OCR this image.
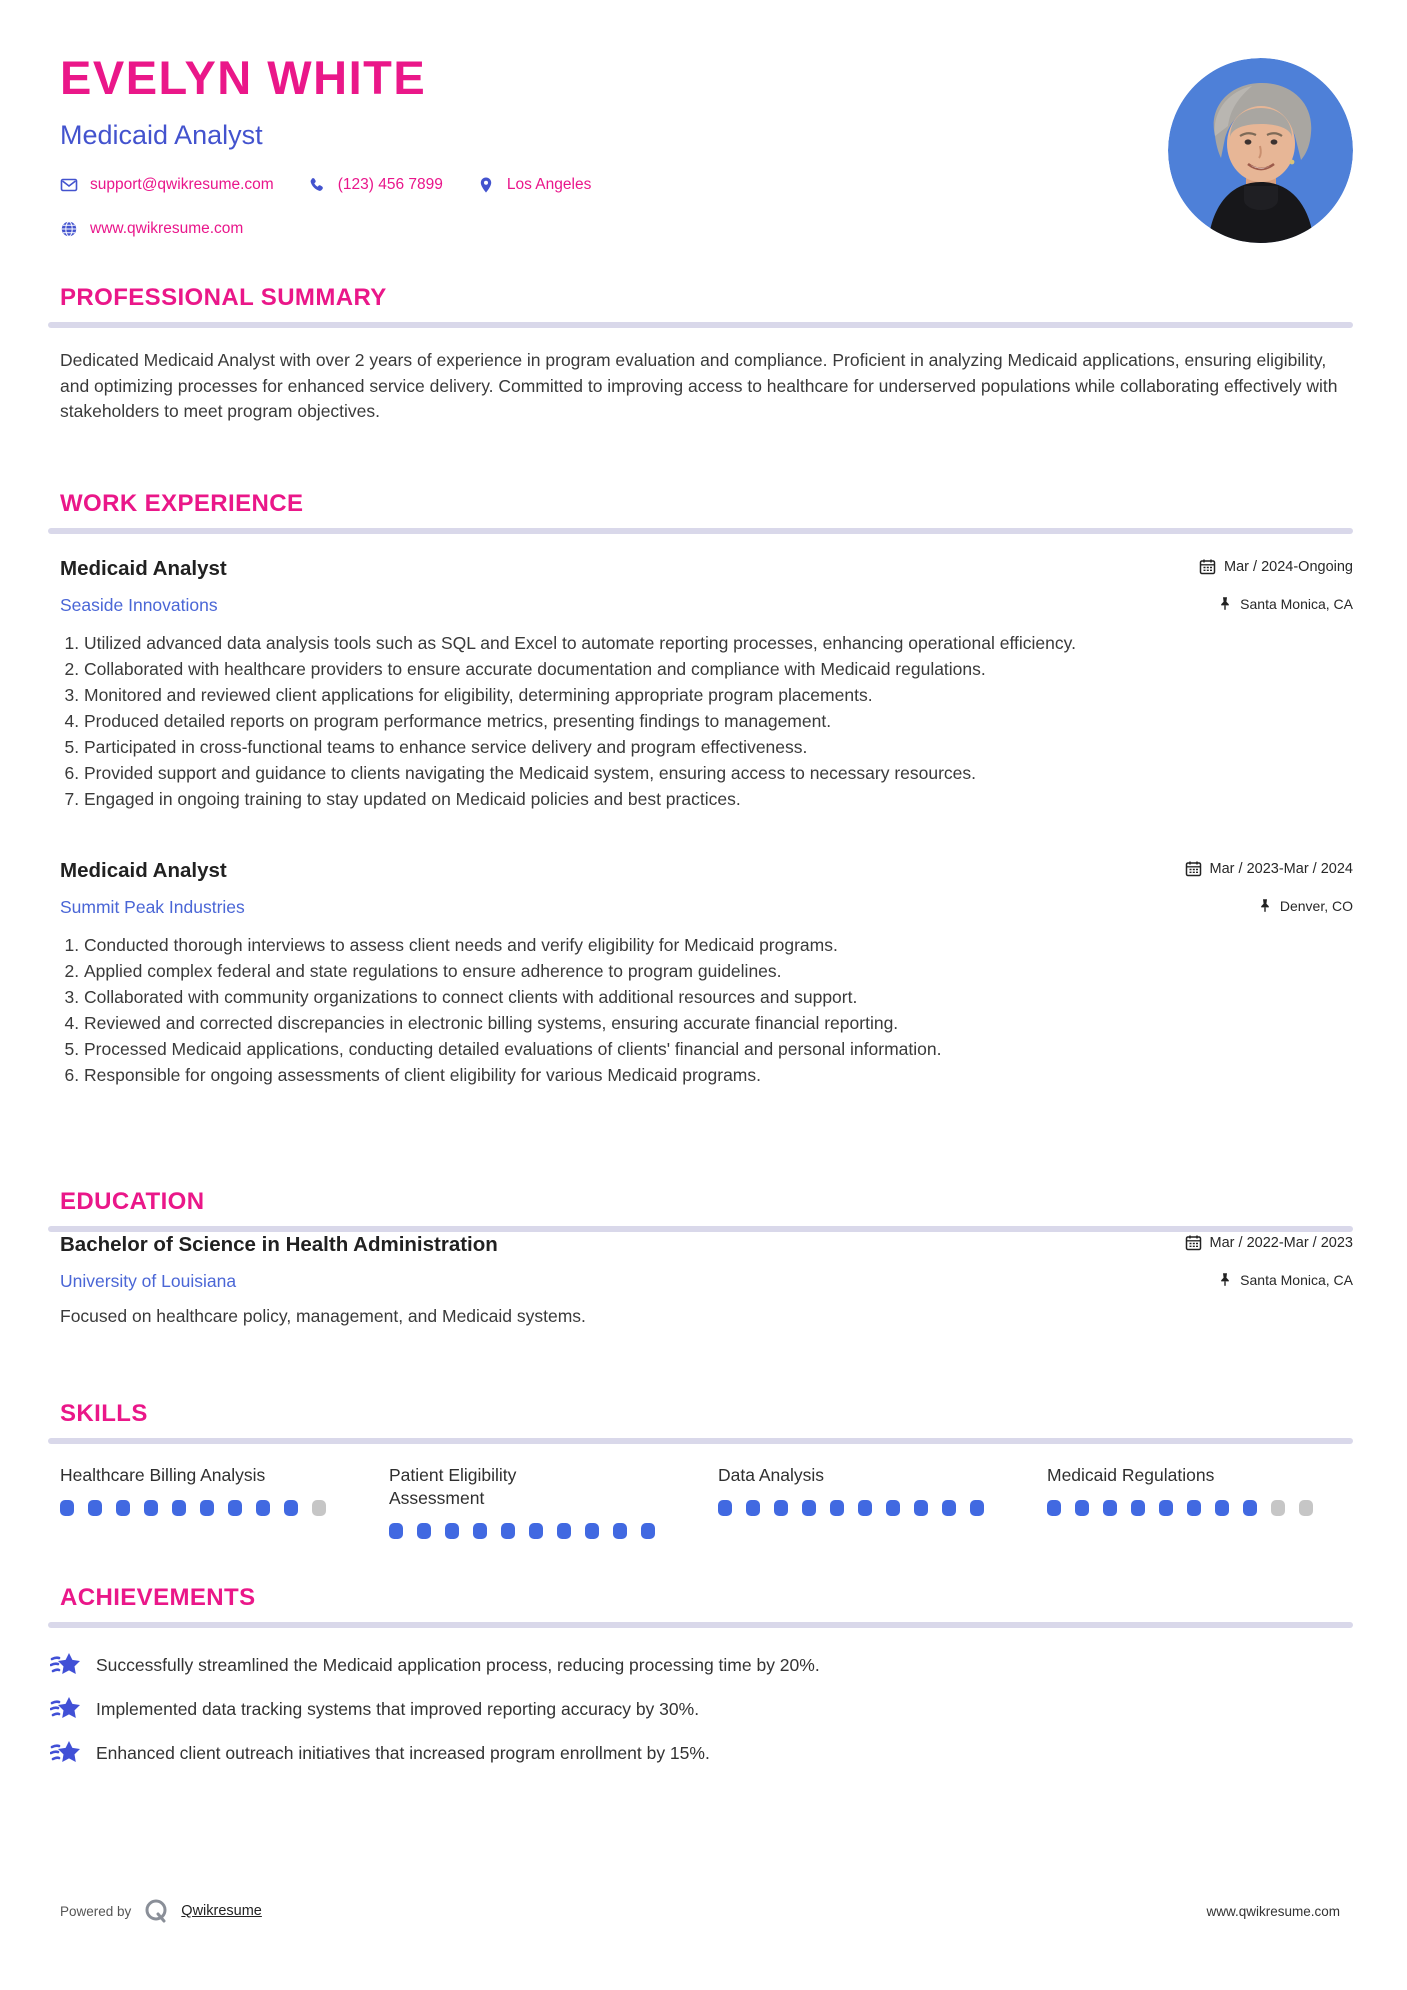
EVELYN WHITE
Medicaid Analyst
support@qwikresume.com	(123) 456 7899	Los Angeles
www.qwikresume.com
PROFESSIONAL SUMMARY

Dedicated Medicaid Analyst with over 2 years of experience in program evaluation and compliance. Proficient in analyzing Medicaid applications, ensuring eligibility, and optimizing processes for enhanced service delivery. Committed to improving access to healthcare for underserved populations while collaborating effectively with stakeholders to meet program objectives.

WORK EXPERIENCE
Medicaid Analyst	Mar / 2024-Ongoing
Seaside Innovations	Santa Monica, CA
1. Utilized advanced data analysis tools such as SQL and Excel to automate reporting processes, enhancing operational efficiency.
2. Collaborated with healthcare providers to ensure accurate documentation and compliance with Medicaid regulations.
3. Monitored and reviewed client applications for eligibility, determining appropriate program placements.
4. Produced detailed reports on program performance metrics, presenting findings to management.
5. Participated in cross-functional teams to enhance service delivery and program effectiveness.
6. Provided support and guidance to clients navigating the Medicaid system, ensuring access to necessary resources.
7. Engaged in ongoing training to stay updated on Medicaid policies and best practices.
Medicaid Analyst	Mar / 2023-Mar / 2024
Summit Peak Industries	Denver, CO
1. Conducted thorough interviews to assess client needs and verify eligibility for Medicaid programs.
2. Applied complex federal and state regulations to ensure adherence to program guidelines.
3. Collaborated with community organizations to connect clients with additional resources and support.
4. Reviewed and corrected discrepancies in electronic billing systems, ensuring accurate financial reporting.
5. Processed Medicaid applications, conducting detailed evaluations of clients' financial and personal information.
6. Responsible for ongoing assessments of client eligibility for various Medicaid programs.
EDUCATION
Bachelor of Science in Health Administration	Mar / 2022-Mar / 2023
University of Louisiana	Santa Monica, CA
Focused on healthcare policy, management, and Medicaid systems.
SKILLS
Healthcare Billing Analysis	Patient Eligibility Assessment
Data Analysis	Medicaid Regulations
ACHIEVEMENTS
Successfully streamlined the Medicaid application process, reducing processing time by 20%.
Implemented data tracking systems that improved reporting accuracy by 30%.
Enhanced client outreach initiatives that increased program enrollment by 15%.
Powered by	Qwikresume	www.qwikresume.com
